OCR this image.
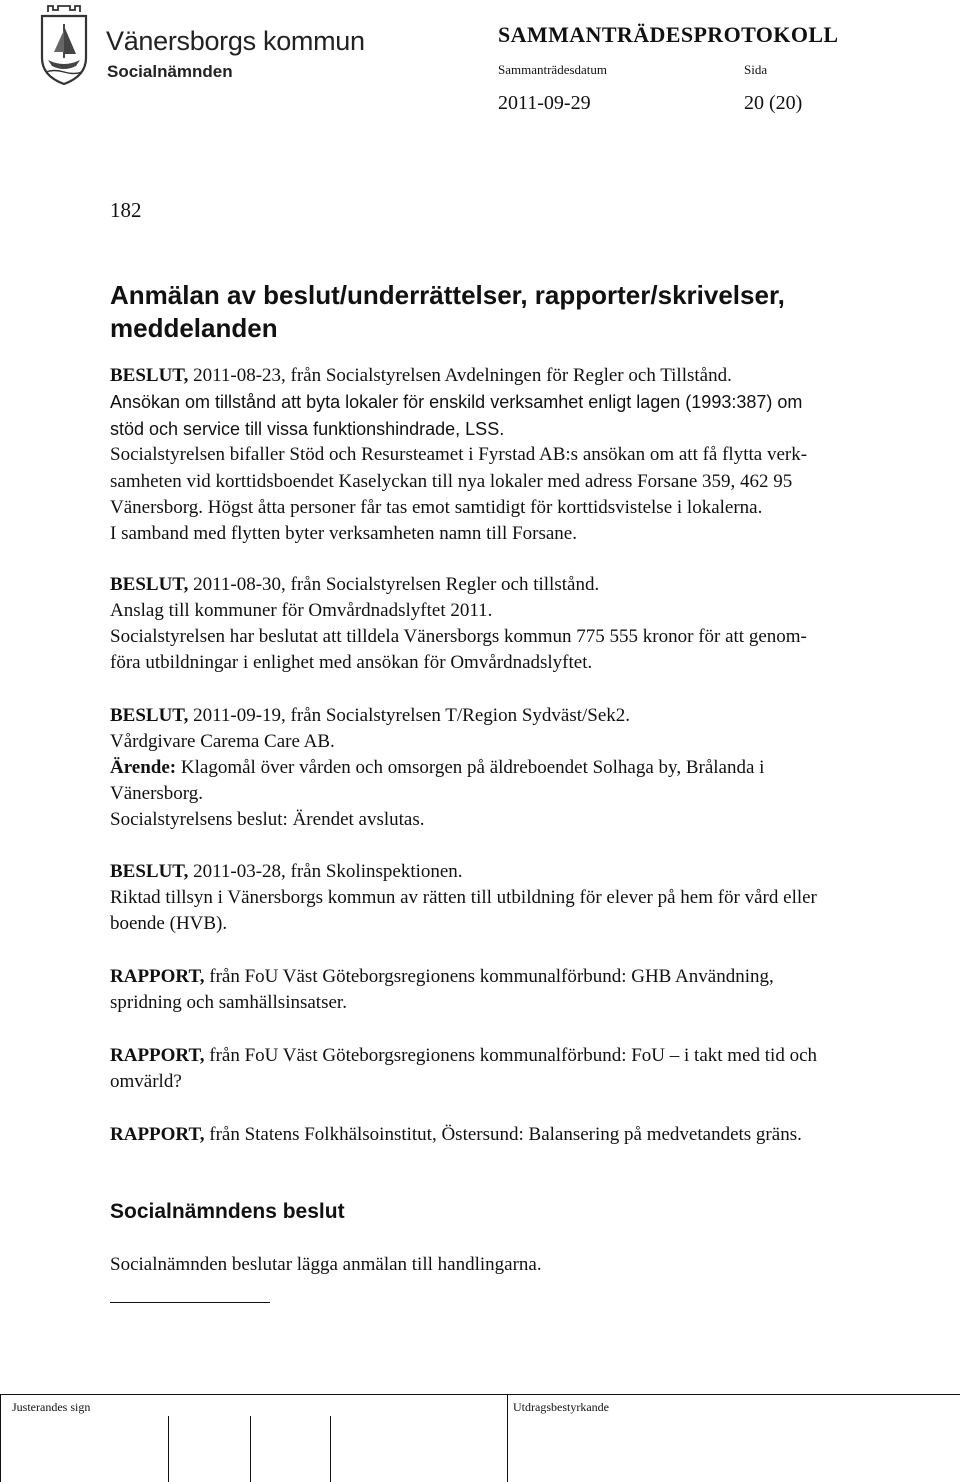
Vänersborgs kommun
Socialnämnden
SAMMANTRÄDESPROTOKOLL
Sammanträdesdatum	Sida
2011-09-29	20 (20)
182
Anmälan av beslut/underrättelser, rapporter/skrivelser, meddelanden
BESLUT, 2011-08-23, från Socialstyrelsen Avdelningen för Regler och Tillstånd.
Ansökan om tillstånd att byta lokaler för enskild verksamhet enligt lagen (1993:387) om
stöd och service till vissa funktionshindrade, LSS.
Socialstyrelsen bifaller Stöd och Resursteamet i Fyrstad AB:s ansökan om att få flytta verk-
samheten vid korttidsboendet Kaselyckan till nya lokaler med adress Forsane 359, 462 95
Vänersborg. Högst åtta personer får tas emot samtidigt för korttidsvistelse i lokalerna.
I samband med flytten byter verksamheten namn till Forsane.
BESLUT, 2011-08-30, från Socialstyrelsen Regler och tillstånd.
Anslag till kommuner för Omvårdnadslyftet 2011.
Socialstyrelsen har beslutat att tilldela Vänersborgs kommun 775 555 kronor för att genom-
föra utbildningar i enlighet med ansökan för Omvårdnadslyftet.
BESLUT, 2011-09-19, från Socialstyrelsen T/Region Sydväst/Sek2.
Vårdgivare Carema Care AB.
Ärende: Klagomål över vården och omsorgen på äldreboendet Solhaga by, Brålanda i
Vänersborg.
Socialstyrelsens beslut: Ärendet avslutas.
BESLUT, 2011-03-28, från Skolinspektionen.
Riktad tillsyn i Vänersborgs kommun av rätten till utbildning för elever på hem för vård eller
boende (HVB).
RAPPORT, från FoU Väst Göteborgsregionens kommunalförbund: GHB Användning,
spridning och samhällsinsatser.
RAPPORT, från FoU Väst Göteborgsregionens kommunalförbund: FoU – i takt med tid och
omvärld?
RAPPORT, från Statens Folkhälsoinstitut, Östersund: Balansering på medvetandets gräns.
Socialnämndens beslut
Socialnämnden beslutar lägga anmälan till handlingarna.
Justerandes sign	Utdragsbestyrkande
